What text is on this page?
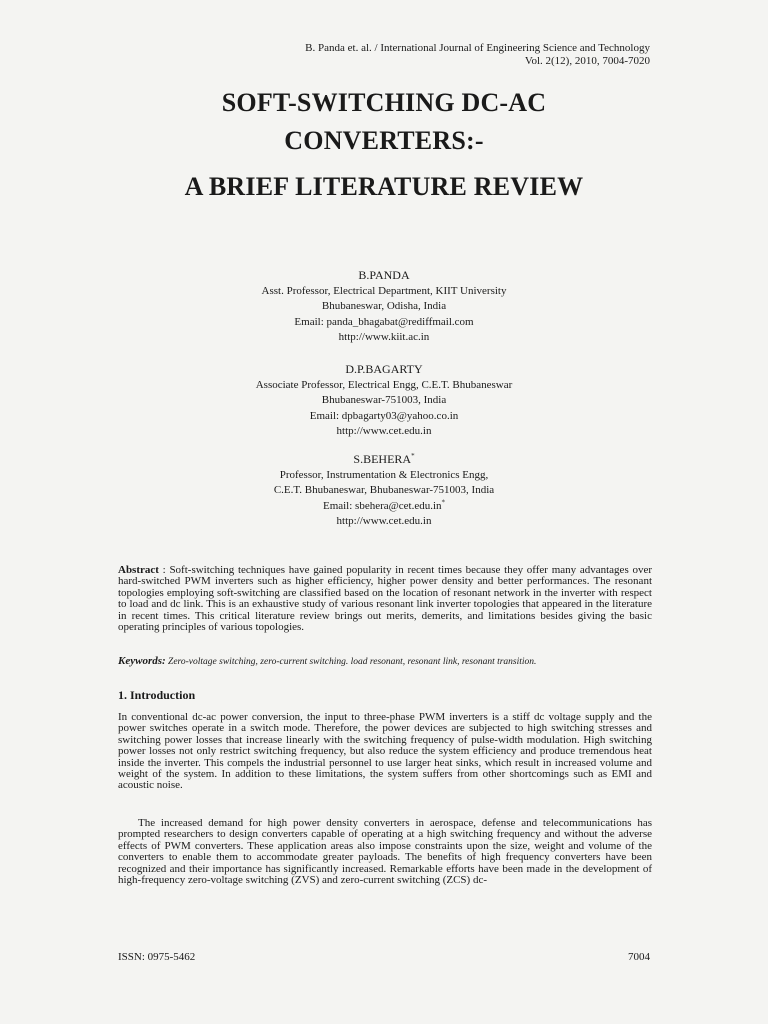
B. Panda et. al. / International Journal of Engineering Science and Technology
Vol. 2(12), 2010, 7004-7020
SOFT-SWITCHING DC-AC
CONVERTERS:-
A BRIEF LITERATURE REVIEW
B.PANDA
Asst. Professor, Electrical Department, KIIT University
Bhubaneswar, Odisha, India
Email: panda_bhagabat@rediffmail.com
http://www.kiit.ac.in
D.P.BAGARTY
Associate Professor, Electrical Engg, C.E.T. Bhubaneswar
Bhubaneswar-751003, India
Email: dpbagarty03@yahoo.co.in
http://www.cet.edu.in
S.BEHERA*
Professor, Instrumentation & Electronics Engg,
C.E.T. Bhubaneswar, Bhubaneswar-751003, India
Email: sbehera@cet.edu.in*
http://www.cet.edu.in
Abstract : Soft-switching techniques have gained popularity in recent times because they offer many advantages over hard-switched PWM inverters such as higher efficiency, higher power density and better performances. The resonant topologies employing soft-switching are classified based on the location of resonant network in the inverter with respect to load and dc link. This is an exhaustive study of various resonant link inverter topologies that appeared in the literature in recent times. This critical literature review brings out merits, demerits, and limitations besides giving the basic operating principles of various topologies.
Keywords: Zero-voltage switching, zero-current switching. load resonant, resonant link, resonant transition.
1. Introduction
In conventional dc-ac power conversion, the input to three-phase PWM inverters is a stiff dc voltage supply and the power switches operate in a switch mode. Therefore, the power devices are subjected to high switching stresses and switching power losses that increase linearly with the switching frequency of pulse-width modulation. High switching power losses not only restrict switching frequency, but also reduce the system efficiency and produce tremendous heat inside the inverter. This compels the industrial personnel to use larger heat sinks, which result in increased volume and weight of the system. In addition to these limitations, the system suffers from other shortcomings such as EMI and acoustic noise.
The increased demand for high power density converters in aerospace, defense and telecommunications has prompted researchers to design converters capable of operating at a high switching frequency and without the adverse effects of PWM converters. These application areas also impose constraints upon the size, weight and volume of the converters to enable them to accommodate greater payloads. The benefits of high frequency converters have been recognized and their importance has significantly increased. Remarkable efforts have been made in the development of high-frequency zero-voltage switching (ZVS) and zero-current switching (ZCS) dc-
ISSN: 0975-5462	7004
